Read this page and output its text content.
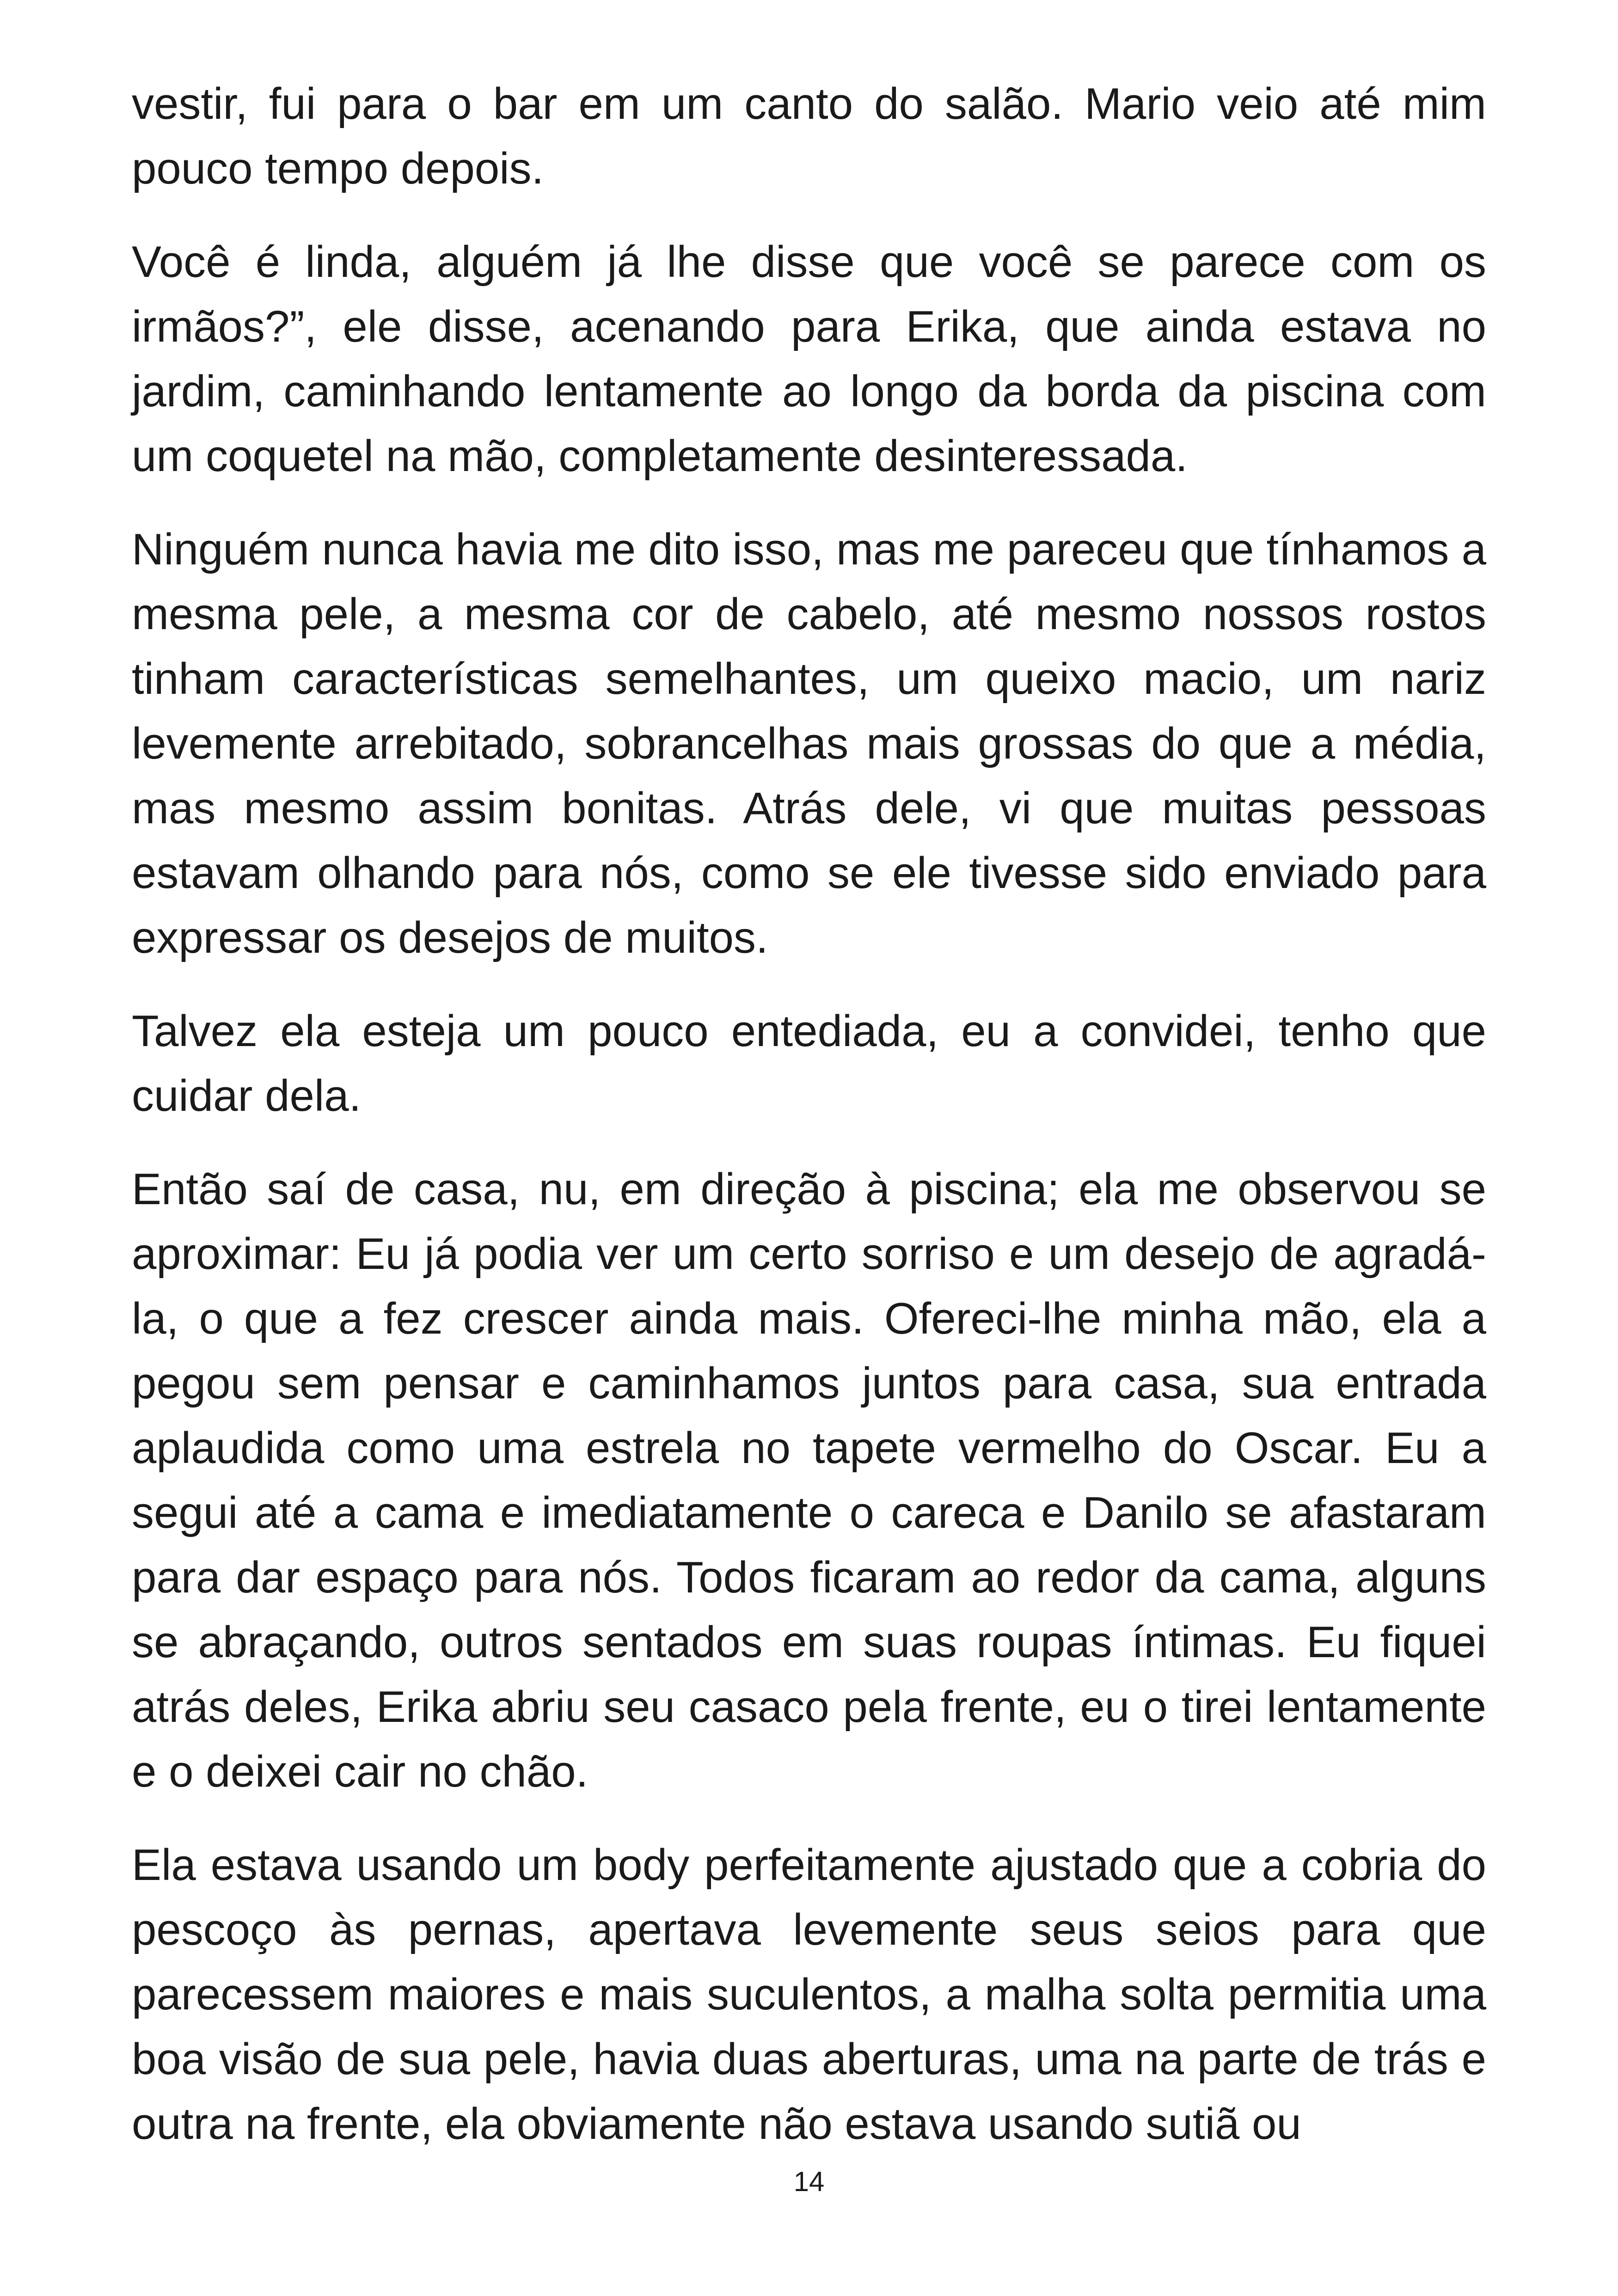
vestir, fui para o bar em um canto do salão. Mario veio até mim pouco tempo depois.

Você é linda, alguém já lhe disse que você se parece com os irmãos?”, ele disse, acenando para Erika, que ainda estava no jardim, caminhando lentamente ao longo da borda da piscina com um coquetel na mão, completamente desinteressada.

Ninguém nunca havia me dito isso, mas me pareceu que tínhamos a mesma pele, a mesma cor de cabelo, até mesmo nossos rostos tinham características semelhantes, um queixo macio, um nariz levemente arrebitado, sobrancelhas mais grossas do que a média, mas mesmo assim bonitas. Atrás dele, vi que muitas pessoas estavam olhando para nós, como se ele tivesse sido enviado para expressar os desejos de muitos.

Talvez ela esteja um pouco entediada, eu a convidei, tenho que cuidar dela.

Então saí de casa, nu, em direção à piscina; ela me observou se aproximar: Eu já podia ver um certo sorriso e um desejo de agradá-la, o que a fez crescer ainda mais. Ofereci-lhe minha mão, ela a pegou sem pensar e caminhamos juntos para casa, sua entrada aplaudida como uma estrela no tapete vermelho do Oscar. Eu a segui até a cama e imediatamente o careca e Danilo se afastaram para dar espaço para nós. Todos ficaram ao redor da cama, alguns se abraçando, outros sentados em suas roupas íntimas. Eu fiquei atrás deles, Erika abriu seu casaco pela frente, eu o tirei lentamente e o deixei cair no chão.

Ela estava usando um body perfeitamente ajustado que a cobria do pescoço às pernas, apertava levemente seus seios para que parecessem maiores e mais suculentos, a malha solta permitia uma boa visão de sua pele, havia duas aberturas, uma na parte de trás e outra na frente, ela obviamente não estava usando sutiã ou

14
